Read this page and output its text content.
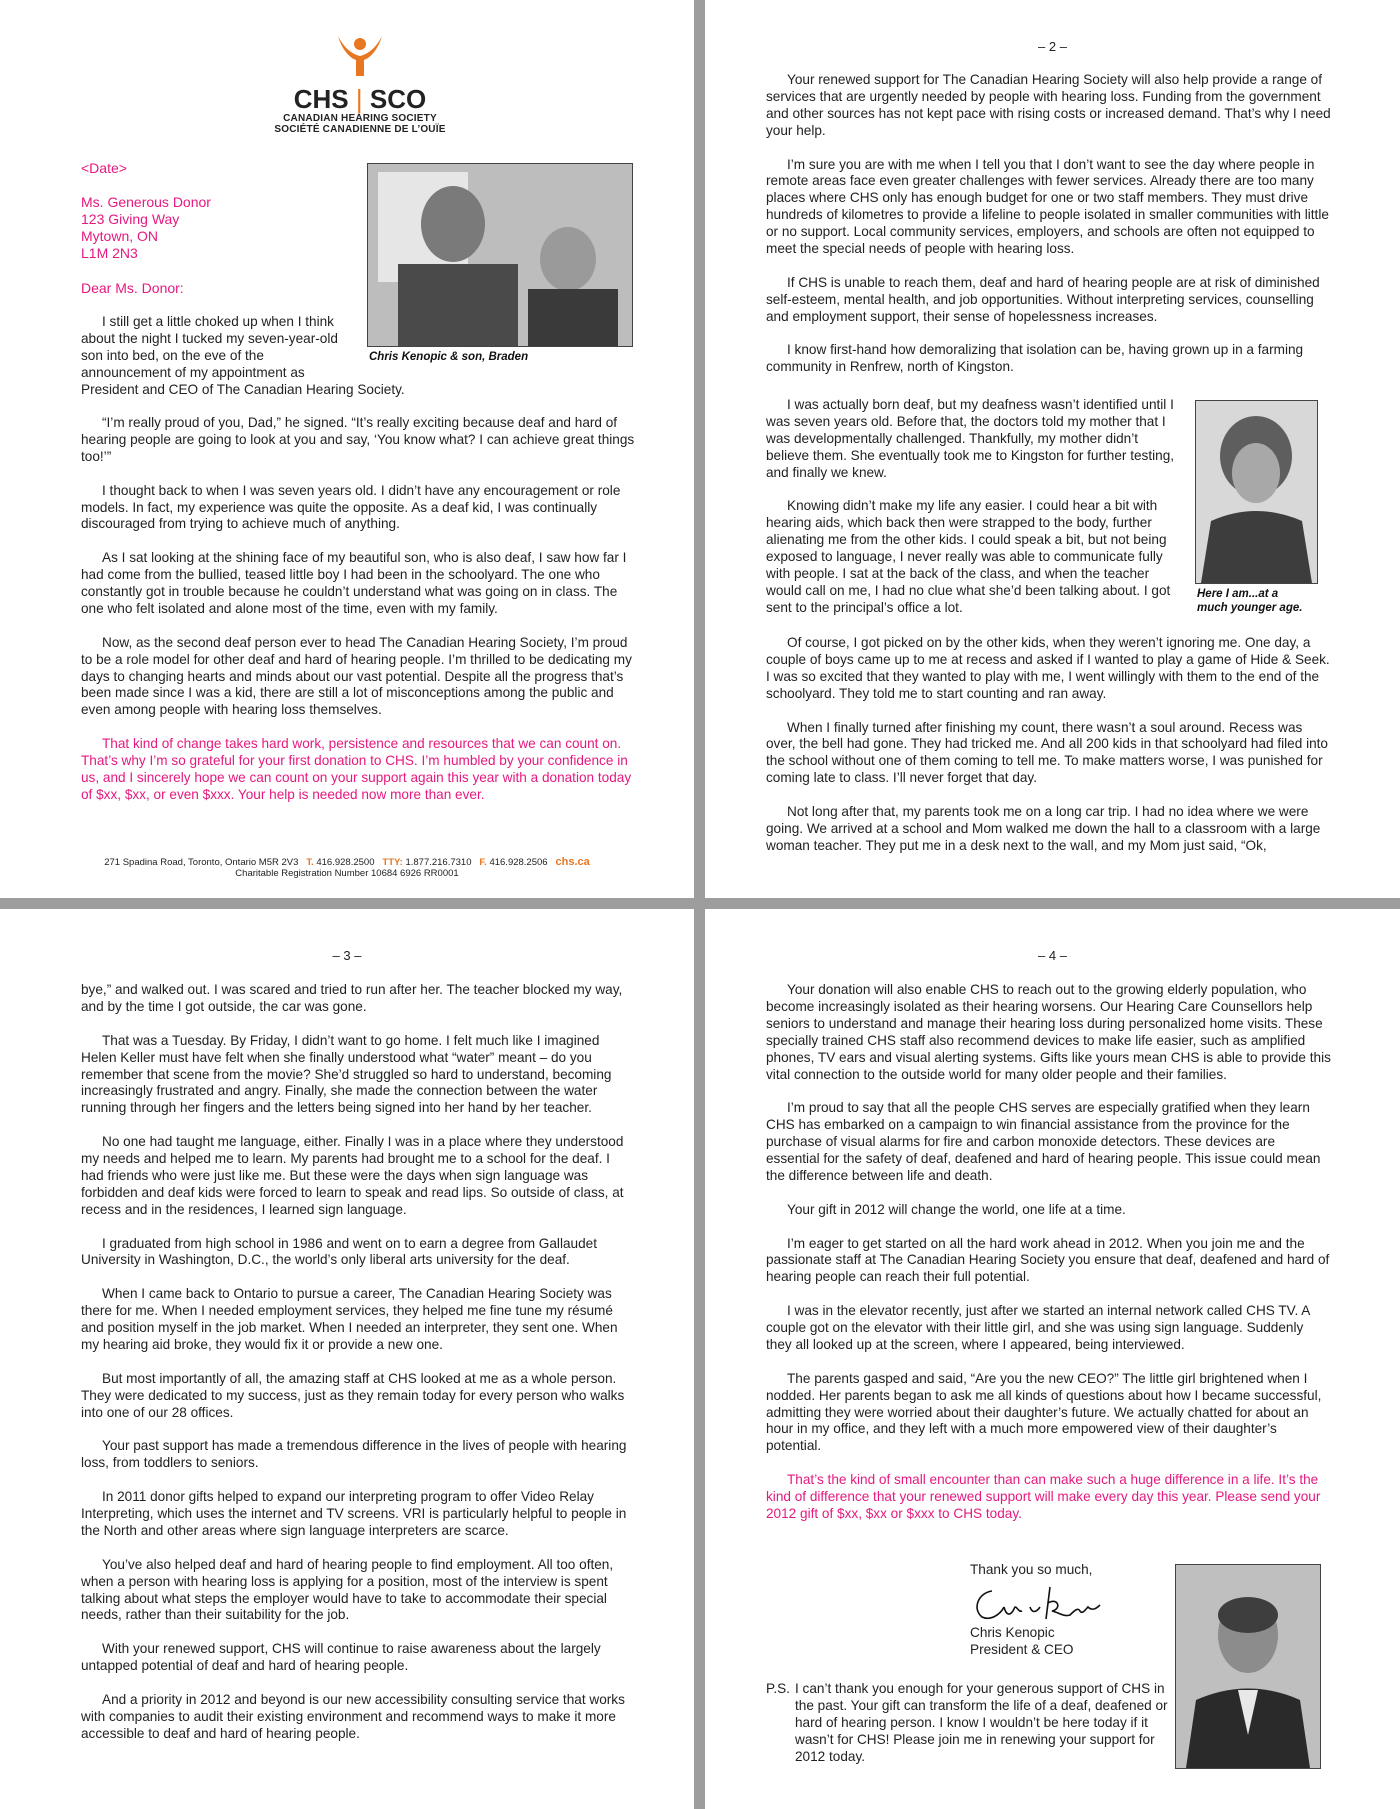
CHS | SCO
CANADIAN HEARING SOCIETY
SOCIÉTÉ CANADIENNE DE L’OUÏE
<Date>
Ms. Generous Donor
123 Giving Way
Mytown, ON
L1M 2N3
Dear Ms. Donor:
Chris Kenopic & son, Braden
I still get a little choked up when I think
about the night I tucked my seven-year-old
son into bed, on the eve of the
announcement of my appointment as
President and CEO of The Canadian Hearing Society.

“I’m really proud of you, Dad,” he signed. “It’s really exciting because deaf and hard of hearing people are going to look at you and say, ‘You know what? I can achieve great things too!’”

I thought back to when I was seven years old. I didn’t have any encouragement or role models. In fact, my experience was quite the opposite. As a deaf kid, I was continually discouraged from trying to achieve much of anything.

As I sat looking at the shining face of my beautiful son, who is also deaf, I saw how far I had come from the bullied, teased little boy I had been in the schoolyard. The one who constantly got in trouble because he couldn’t understand what was going on in class. The one who felt isolated and alone most of the time, even with my family.

Now, as the second deaf person ever to head The Canadian Hearing Society, I’m proud to be a role model for other deaf and hard of hearing people. I’m thrilled to be dedicating my days to changing hearts and minds about our vast potential. Despite all the progress that’s been made since I was a kid, there are still a lot of misconceptions among the public and even among people with hearing loss themselves.

That kind of change takes hard work, persistence and resources that we can count on. That’s why I’m so grateful for your first donation to CHS. I’m humbled by your confidence in us, and I sincerely hope we can count on your support again this year with a donation today of $xx, $xx, or even $xxx. Your help is needed now more than ever.

271 Spadina Road, Toronto, Ontario M5R 2V3 T. 416.928.2500 TTY: 1.877.216.7310 F. 416.928.2506 chs.ca
Charitable Registration Number 10684 6926 RR0001
– 2 –

Your renewed support for The Canadian Hearing Society will also help provide a range of services that are urgently needed by people with hearing loss. Funding from the government and other sources has not kept pace with rising costs or increased demand. That’s why I need your help.

I’m sure you are with me when I tell you that I don’t want to see the day where people in remote areas face even greater challenges with fewer services. Already there are too many places where CHS only has enough budget for one or two staff members. They must drive hundreds of kilometres to provide a lifeline to people isolated in smaller communities with little or no support. Local community services, employers, and schools are often not equipped to meet the special needs of people with hearing loss.

If CHS is unable to reach them, deaf and hard of hearing people are at risk of diminished self-esteem, mental health, and job opportunities. Without interpreting services, counselling and employment support, their sense of hopelessness increases.

I know first-hand how demoralizing that isolation can be, having grown up in a farming community in Renfrew, north of Kingston.

I was actually born deaf, but my deafness wasn’t identified until I was seven years old. Before that, the doctors told my mother that I was developmentally challenged. Thankfully, my mother didn’t believe them. She eventually took me to Kingston for further testing, and finally we knew.

Knowing didn’t make my life any easier. I could hear a bit with hearing aids, which back then were strapped to the body, further alienating me from the other kids. I could speak a bit, but not being exposed to language, I never really was able to communicate fully with people. I sat at the back of the class, and when the teacher would call on me, I had no clue what she’d been talking about. I got sent to the principal’s office a lot.

Here I am...at a
much younger age.

Of course, I got picked on by the other kids, when they weren’t ignoring me. One day, a couple of boys came up to me at recess and asked if I wanted to play a game of Hide & Seek. I was so excited that they wanted to play with me, I went willingly with them to the end of the schoolyard. They told me to start counting and ran away.

When I finally turned after finishing my count, there wasn’t a soul around. Recess was over, the bell had gone. They had tricked me. And all 200 kids in that schoolyard had filed into the school without one of them coming to tell me. To make matters worse, I was punished for coming late to class. I’ll never forget that day.

Not long after that, my parents took me on a long car trip. I had no idea where we were going. We arrived at a school and Mom walked me down the hall to a classroom with a large woman teacher. They put me in a desk next to the wall, and my Mom just said, “Ok,

– 3 –

bye,” and walked out. I was scared and tried to run after her. The teacher blocked my way, and by the time I got outside, the car was gone.

That was a Tuesday. By Friday, I didn’t want to go home. I felt much like I imagined Helen Keller must have felt when she finally understood what “water” meant – do you remember that scene from the movie? She’d struggled so hard to understand, becoming increasingly frustrated and angry. Finally, she made the connection between the water running through her fingers and the letters being signed into her hand by her teacher.

No one had taught me language, either. Finally I was in a place where they understood my needs and helped me to learn. My parents had brought me to a school for the deaf. I had friends who were just like me. But these were the days when sign language was forbidden and deaf kids were forced to learn to speak and read lips. So outside of class, at recess and in the residences, I learned sign language.

I graduated from high school in 1986 and went on to earn a degree from Gallaudet University in Washington, D.C., the world’s only liberal arts university for the deaf.

When I came back to Ontario to pursue a career, The Canadian Hearing Society was there for me. When I needed employment services, they helped me fine tune my résumé and position myself in the job market. When I needed an interpreter, they sent one. When my hearing aid broke, they would fix it or provide a new one.

But most importantly of all, the amazing staff at CHS looked at me as a whole person. They were dedicated to my success, just as they remain today for every person who walks into one of our 28 offices.

Your past support has made a tremendous difference in the lives of people with hearing loss, from toddlers to seniors.

In 2011 donor gifts helped to expand our interpreting program to offer Video Relay Interpreting, which uses the internet and TV screens. VRI is particularly helpful to people in the North and other areas where sign language interpreters are scarce.

You’ve also helped deaf and hard of hearing people to find employment. All too often, when a person with hearing loss is applying for a position, most of the interview is spent talking about what steps the employer would have to take to accommodate their special needs, rather than their suitability for the job.

With your renewed support, CHS will continue to raise awareness about the largely untapped potential of deaf and hard of hearing people.

And a priority in 2012 and beyond is our new accessibility consulting service that works with companies to audit their existing environment and recommend ways to make it more accessible to deaf and hard of hearing people.

– 4 –

Your donation will also enable CHS to reach out to the growing elderly population, who become increasingly isolated as their hearing worsens. Our Hearing Care Counsellors help seniors to understand and manage their hearing loss during personalized home visits. These specially trained CHS staff also recommend devices to make life easier, such as amplified phones, TV ears and visual alerting systems. Gifts like yours mean CHS is able to provide this vital connection to the outside world for many older people and their families.

I’m proud to say that all the people CHS serves are especially gratified when they learn CHS has embarked on a campaign to win financial assistance from the province for the purchase of visual alarms for fire and carbon monoxide detectors. These devices are essential for the safety of deaf, deafened and hard of hearing people. This issue could mean the difference between life and death.

Your gift in 2012 will change the world, one life at a time.

I’m eager to get started on all the hard work ahead in 2012. When you join me and the passionate staff at The Canadian Hearing Society you ensure that deaf, deafened and hard of hearing people can reach their full potential.

I was in the elevator recently, just after we started an internal network called CHS TV. A couple got on the elevator with their little girl, and she was using sign language. Suddenly they all looked up at the screen, where I appeared, being interviewed.

The parents gasped and said, “Are you the new CEO?” The little girl brightened when I nodded. Her parents began to ask me all kinds of questions about how I became successful, admitting they were worried about their daughter’s future. We actually chatted for about an hour in my office, and they left with a much more empowered view of their daughter’s potential.

That’s the kind of small encounter than can make such a huge difference in a life. It’s the kind of difference that your renewed support will make every day this year. Please send your 2012 gift of $xx, $xx or $xxx to CHS today.

Thank you so much,
Chris Kenopic
President & CEO
P.S. I can’t thank you enough for your generous support of CHS in the past. Your gift can transform the life of a deaf, deafened or hard of hearing person. I know I wouldn’t be here today if it wasn’t for CHS! Please join me in renewing your support for 2012 today.
